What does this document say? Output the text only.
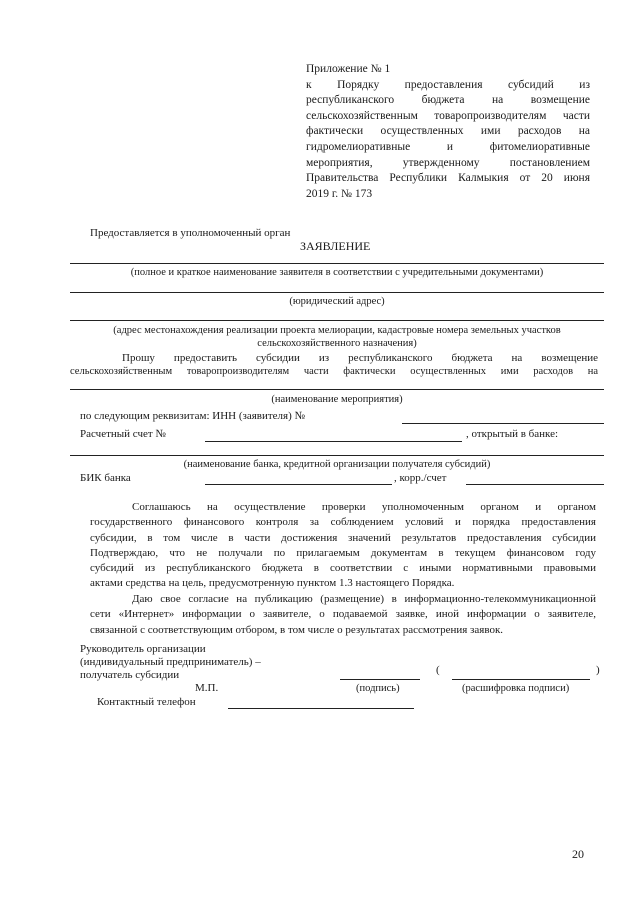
Приложение № 1
к Порядку предоставления субсидий из
республиканского бюджета на возмещение
сельскохозяйственным товаропроизводителям части
фактически осуществленных ими расходов на
гидромелиоративные и фитомелиоративные
мероприятия, утвержденному постановлением
Правительства Республики Калмыкия от 20 июня
2019 г. № 173
Предоставляется в уполномоченный орган
ЗАЯВЛЕНИЕ
(полное и краткое наименование заявителя в соответствии с учредительными документами)
(юридический адрес)
(адрес местонахождения реализации проекта мелиорации, кадастровые номера земельных участков
сельскохозяйственного назначения)
Прошу предоставить субсидии из республиканского бюджета на возмещение
сельскохозяйственным товаропроизводителям части фактически осуществленных ими расходов на
(наименование мероприятия)
по следующим реквизитам: ИНН (заявителя) №
Расчетный счет №	, открытый в банке:
(наименование банка, кредитной организации получателя субсидий)
БИК банка	, корр./счет
Соглашаюсь на осуществление проверки уполномоченным органом и органом
государственного финансового контроля за соблюдением условий и порядка предоставления
субсидии, в том числе в части достижения значений результатов предоставления субсидии
Подтверждаю, что не получали по прилагаемым документам в текущем финансовом году
субсидий из республиканского бюджета в соответствии с иными нормативными правовыми
актами средства на цель, предусмотренную пунктом 1.3 настоящего Порядка.
Даю свое согласие на публикацию (размещение) в информационно-телекоммуникационной
сети «Интернет» информации о заявителе, о подаваемой заявке, иной информации о заявителе,
связанной с соответствующим отбором, в том числе о результатах рассмотрения заявок.
Руководитель организации
(индивидуальный предприниматель) –
получатель субсидии	(	)
М.П.	(подпись)	(расшифровка подписи)
Контактный телефон
20
